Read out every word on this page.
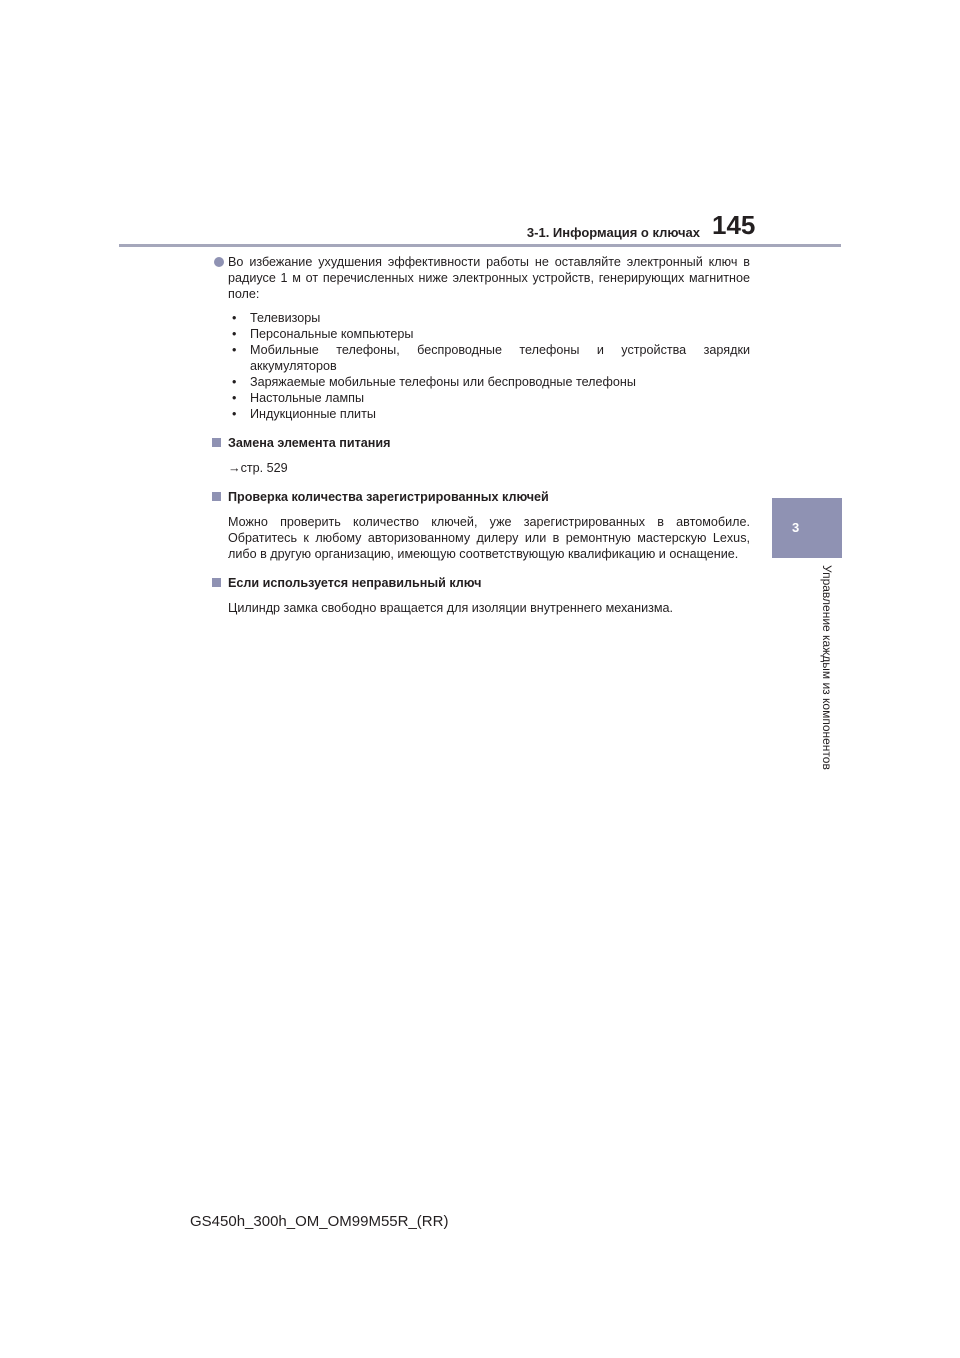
3-1. Информация о ключах 145
3
Управление каждым из компонентов

Во избежание ухудшения эффективности работы не оставляйте электронный ключ в радиусе 1 м от перечисленных ниже электронных устройств, генерирующих магнитное поле:

• Телевизоры
• Персональные компьютеры
• Мобильные телефоны, беспроводные телефоны и устройства зарядки аккумуляторов
• Заряжаемые мобильные телефоны или беспроводные телефоны
• Настольные лампы
• Индукционные плиты
Замена элемента питания
→стр. 529
Проверка количества зарегистрированных ключей

Можно проверить количество ключей, уже зарегистрированных в автомобиле. Обратитесь к любому авторизованному дилеру или в ремонтную мастерскую Lexus, либо в другую организацию, имеющую соответствующую квалификацию и оснащение.

Если используется неправильный ключ

Цилиндр замка свободно вращается для изоляции внутреннего механизма.

GS450h_300h_OM_OM99M55R_(RR)
